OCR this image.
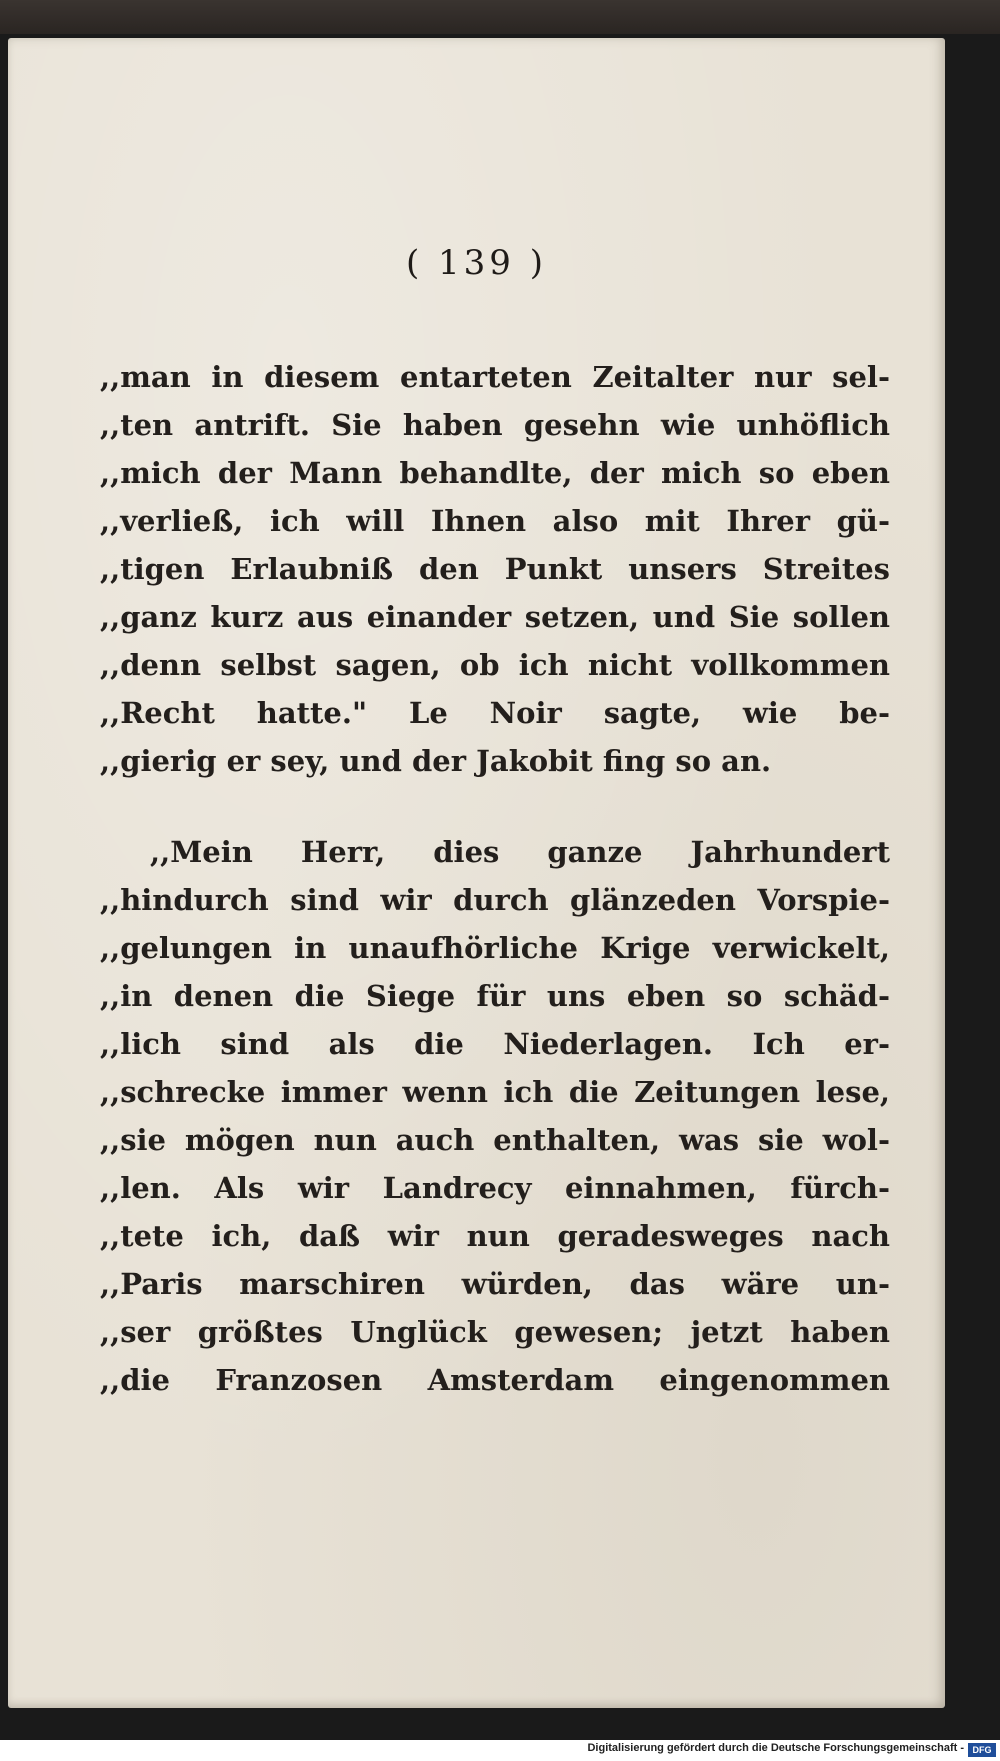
( 139 )
,,man in diesem entarteten Zeitalter nur sel-
,,ten antrift. Sie haben gesehn wie unhöflich
,,mich der Mann behandlte, der mich so eben
,,verließ, ich will Ihnen also mit Ihrer gü-
,,tigen Erlaubniß den Punkt unsers Streites
,,ganz kurz aus einander setzen, und Sie sollen
,,denn selbst sagen, ob ich nicht vollkommen
,,Recht hatte." Le Noir sagte, wie be-
,,gierig er sey, und der Jakobit fing so an.
,,Mein Herr, dies ganze Jahrhundert
,,hindurch sind wir durch glänzeden Vorspie-
,,gelungen in unaufhörliche Krige verwickelt,
,,in denen die Siege für uns eben so schäd-
,,lich sind als die Niederlagen. Ich er-
,,schrecke immer wenn ich die Zeitungen lese,
,,sie mögen nun auch enthalten, was sie wol-
,,len. Als wir Landrecy einnahmen, fürch-
,,tete ich, daß wir nun geradesweges nach
,,Paris marschiren würden, das wäre un-
,,ser größtes Unglück gewesen; jetzt haben
,,die Franzosen Amsterdam eingenommen
Digitalisierung gefördert durch die Deutsche Forschungsgemeinschaft - DFG
